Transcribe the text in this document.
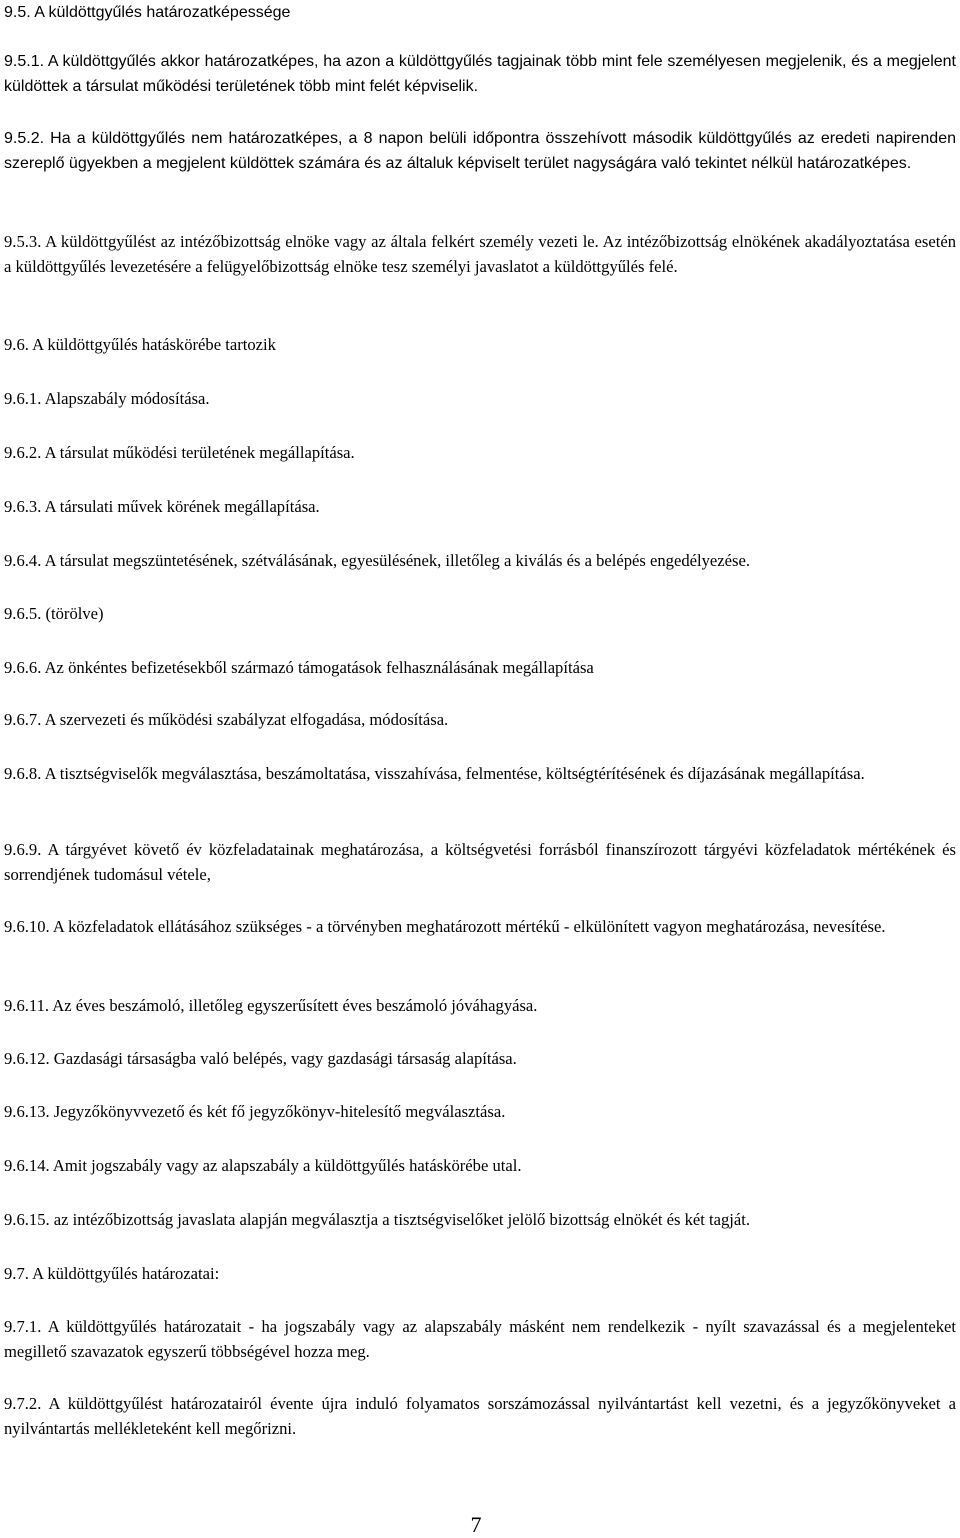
9.5. A küldöttgyűlés határozatképessége

9.5.1. A küldöttgyűlés akkor határozatképes, ha azon a küldöttgyűlés tagjainak több mint fele személyesen megjelenik, és a megjelent küldöttek a társulat működési területének több mint felét képviselik.

9.5.2. Ha a küldöttgyűlés nem határozatképes, a 8 napon belüli időpontra összehívott második küldöttgyűlés az eredeti napirenden szereplő ügyekben a megjelent küldöttek számára és az általuk képviselt terület nagyságára való tekintet nélkül határozatképes.

9.5.3. A küldöttgyűlést az intézőbizottság elnöke vagy az általa felkért személy vezeti le. Az intézőbizottság elnökének akadályoztatása esetén a küldöttgyűlés levezetésére a felügyelőbizottság elnöke tesz személyi javaslatot a küldöttgyűlés felé.

9.6. A küldöttgyűlés hatáskörébe tartozik

9.6.1. Alapszabály módosítása.

9.6.2. A társulat működési területének megállapítása.

9.6.3. A társulati művek körének megállapítása.

9.6.4. A társulat megszüntetésének, szétválásának, egyesülésének, illetőleg a kiválás és a belépés engedélyezése.

9.6.5. (törölve)

9.6.6. Az önkéntes befizetésekből származó támogatások felhasználásának megállapítása

9.6.7. A szervezeti és működési szabályzat elfogadása, módosítása.

9.6.8. A tisztségviselők megválasztása, beszámoltatása, visszahívása, felmentése, költségtérítésének és díjazásának megállapítása.

9.6.9. A tárgyévet követő év közfeladatainak meghatározása, a költségvetési forrásból finanszírozott tárgyévi közfeladatok mértékének és sorrendjének tudomásul vétele,

9.6.10. A közfeladatok ellátásához szükséges - a törvényben meghatározott mértékű - elkülönített vagyon meghatározása, nevesítése.

9.6.11. Az éves beszámoló, illetőleg egyszerűsített éves beszámoló jóváhagyása.

9.6.12. Gazdasági társaságba való belépés, vagy gazdasági társaság alapítása.

9.6.13. Jegyzőkönyvvezető és két fő jegyzőkönyv-hitelesítő megválasztása.

9.6.14. Amit jogszabály vagy az alapszabály a küldöttgyűlés hatáskörébe utal.

9.6.15. az intézőbizottság javaslata alapján megválasztja a tisztségviselőket jelölő bizottság elnökét és két tagját.

9.7. A küldöttgyűlés határozatai:

9.7.1. A küldöttgyűlés határozatait - ha jogszabály vagy az alapszabály másként nem rendelkezik - nyílt szavazással és a megjelenteket megillető szavazatok egyszerű többségével hozza meg.

9.7.2. A küldöttgyűlést határozatairól évente újra induló folyamatos sorszámozással nyilvántartást kell vezetni, és a jegyzőkönyveket a nyilvántartás mellékleteként kell megőrizni.

7
